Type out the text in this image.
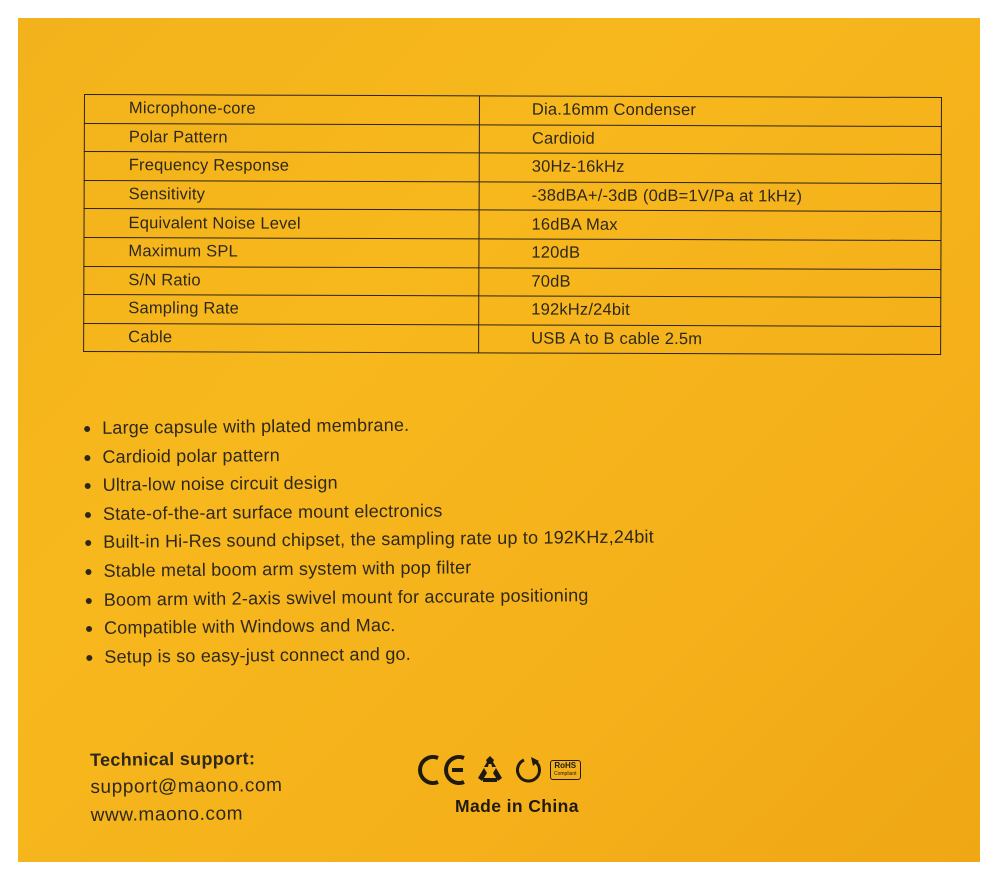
Microphone-core	Dia.16mm Condenser
Polar Pattern	Cardioid
Frequency Response	30Hz-16kHz
Sensitivity	-38dBA+/-3dB (0dB=1V/Pa at 1kHz)
Equivalent Noise Level	16dBA Max
Maximum SPL	120dB
S/N Ratio	70dB
Sampling Rate	192kHz/24bit
Cable	USB A to B cable 2.5m
Large capsule with plated membrane.
Cardioid polar pattern
Ultra-low noise circuit design
State-of-the-art surface mount electronics
Built-in Hi-Res sound chipset, the sampling rate up to 192KHz,24bit
Stable metal boom arm system with pop filter
Boom arm with 2-axis swivel mount for accurate positioning
Compatible with Windows and Mac.
Setup is so easy-just connect and go.
Technical support:
support@maono.com
www.maono.com
RoHS
Compliant
Made in China
